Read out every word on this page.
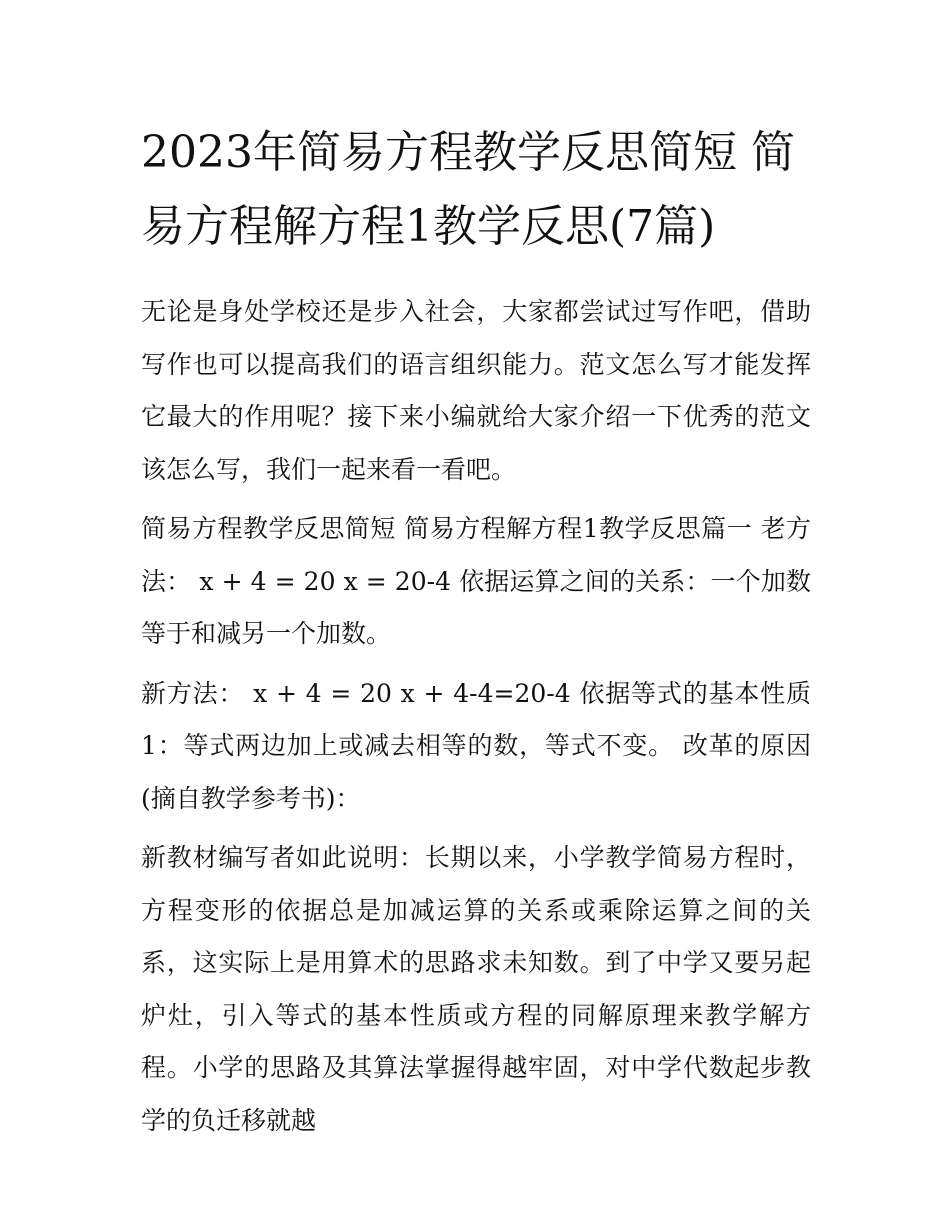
2023年简易方程教学反思简短 简易方程解方程1教学反思(7篇)

无论是身处学校还是步入社会，大家都尝试过写作吧，借助写作也可以提高我们的语言组织能力。范文怎么写才能发挥它最大的作用呢？接下来小编就给大家介绍一下优秀的范文该怎么写，我们一起来看一看吧。

简易方程教学反思简短 简易方程解方程1教学反思篇一 老方法： x + 4 = 20 x = 20-4 依据运算之间的关系：一个加数等于和减另一个加数。

新方法： x + 4 = 20 x + 4-4=20-4 依据等式的基本性质1：等式两边加上或减去相等的数，等式不变。 改革的原因(摘自教学参考书)：

新教材编写者如此说明：长期以来，小学教学简易方程时，方程变形的依据总是加减运算的关系或乘除运算之间的关系，这实际上是用算术的思路求未知数。到了中学又要另起炉灶，引入等式的基本性质或方程的同解原理来教学解方程。小学的思路及其算法掌握得越牢固，对中学代数起步教学的负迁移就越
